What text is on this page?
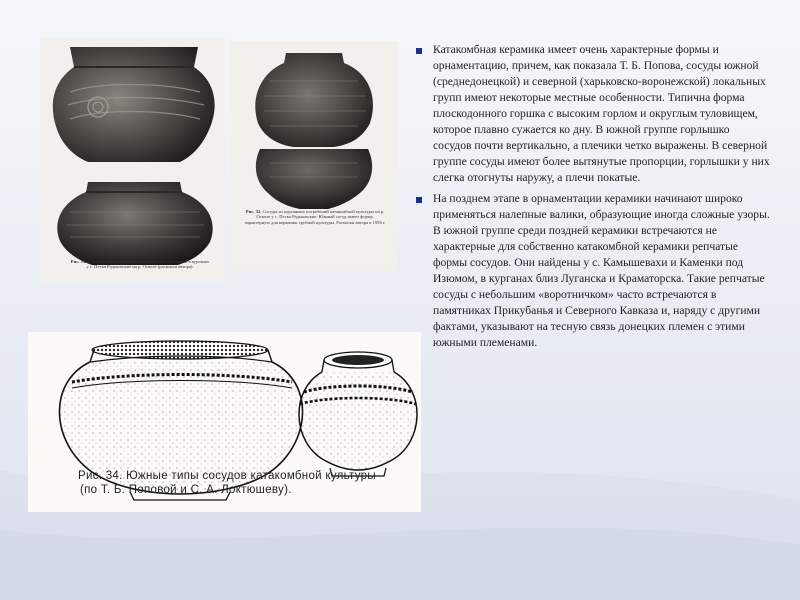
Рис. 33. 1, 2—сосуды катакомбной культуры из погребений в курганах у с. Песка Радьковские на р. Осколе (раскопки автора).
Рис. 32. Сосуды из курганных погребений катакомбной культуры на р. Осколе у с. Песка Радьковские. Южный сосуд имеет форму, характерную для керамики срубной культуры. Раскопки автора в 1956 г.
Рис. 34. Южные типы сосудов катакомбной культуры
(по Т. Б. Поповой и С. А. Локтюшеву).
Катакомбная керамика имеет очень характерные формы и орнаментацию, причем, как показала Т. Б. Попова, сосуды южной (среднедонецкой) и северной (харьковско-воронежской) локальных групп имеют некоторые местные особенности. Типична форма плоскодонного горшка с высоким горлом и округлым туловищем, которое плавно сужается ко дну. В южной группе горлышко сосудов почти вертикально, а плечики четко выражены. В северной группе сосуды имеют более вытянутые пропорции, горлышки у них слегка отогнуты наружу, а плечи покатые.
На позднем этапе в орнаментации керамики начинают широко применяться налепные валики, образующие иногда сложные узоры. В южной группе среди поздней керамики встречаются не характерные для собственно катакомбной керамики репчатые формы сосудов. Они найдены у с. Камышевахи и Каменки под Изюмом, в курганах близ Луганска и Краматорска. Такие репчатые сосуды с небольшим «воротничком» часто встречаются в памятниках Прикубанья и Северного Кавказа и, наряду с другими фактами, указывают на тесную связь донецких племен с этими южными племенами.
